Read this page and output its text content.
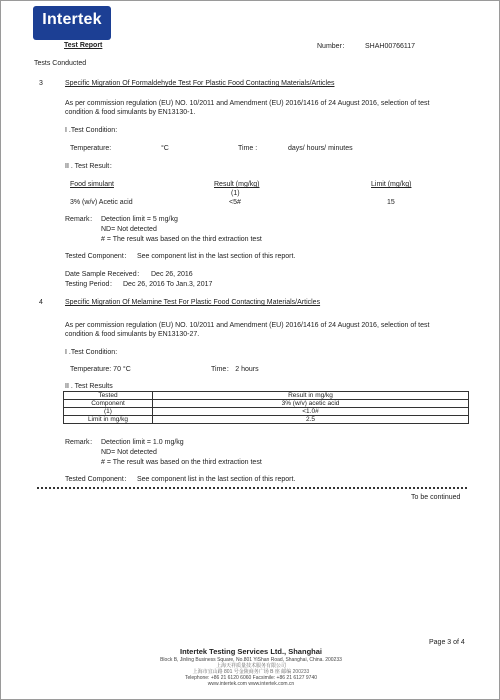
Intertek
Test Report	Number： SHAH00766117
Tests Conducted
3	Specific Migration Of Formaldehyde Test For Plastic Food Contacting Materials/Articles
As per commission regulation (EU) NO. 10/2011 and Amendment (EU) 2016/1416 of 24 August 2016, selection of test
condition & food simulants by EN13130-1.
I .Test Condition:
Temperature:	°C	Time :	days/ hours/ minutes
II . Test Result：
Food simulant	Result (mg/kg)	Limit (mg/kg)
(1)
3% (w/v) Acetic acid	<5#	15
Remark： Detection limit = 5 mg/kg
ND= Not detected
# = The result was based on the third extraction test
Tested Component： See component list in the last section of this report.
Date Sample Received： Dec 26, 2016
Testing Period： Dec 26, 2016 To Jan.3, 2017
4	Specific Migration Of Melamine Test For Plastic Food Contacting Materials/Articles
As per commission regulation (EU) NO. 10/2011 and Amendment (EU) 2016/1416 of 24 August 2016, selection of test
condition & food simulants by EN13130-27.
I .Test Condition:
Temperature: 70 °C	Time： 2 hours
II . Test Results
Tested	Result in mg/kg
Component	3% (w/v) acetic acid
(1)	<1.0#
Limit in mg/kg	2.5
Remark： Detection limit = 1.0 mg/kg
ND= Not detected
# = The result was based on the third extraction test
Tested Component： See component list in the last section of this report.
To be continued
Page 3 of 4
Intertek Testing Services Ltd., Shanghai
Block B, Jinling Business Square, No.801 YiShan Road, Shanghai, China. 200233
上海天祥质量技术服务有限公司
上海市宜山路 801 号金陵商务广场 B 座 邮编 200233
Telephone: +86 21 6120 6060 Facsimile: +86 21 6127 9740
www.intertek.com www.intertek.com.cn
